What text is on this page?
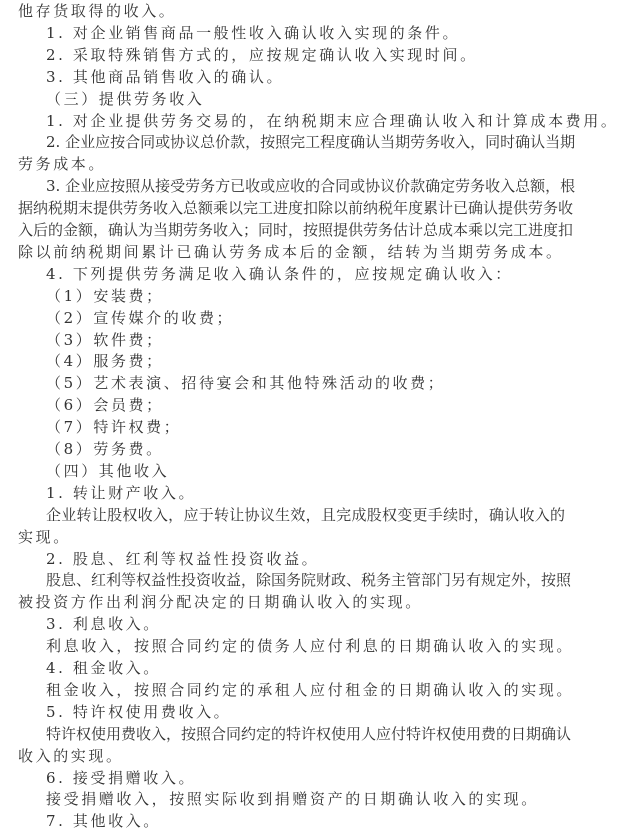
他存货取得的收入。
1. 对企业销售商品一般性收入确认收入实现的条件。
2. 采取特殊销售方式的，应按规定确认收入实现时间。
3. 其他商品销售收入的确认。
（三）提供劳务收入
1. 对企业提供劳务交易的，在纳税期末应合理确认收入和计算成本费用。
2. 企业应按合同或协议总价款，按照完工程度确认当期劳务收入，同时确认当期
劳务成本。
3. 企业应按照从接受劳务方已收或应收的合同或协议价款确定劳务收入总额，根
据纳税期末提供劳务收入总额乘以完工进度扣除以前纳税年度累计已确认提供劳务收
入后的金额，确认为当期劳务收入；同时，按照提供劳务估计总成本乘以完工进度扣
除以前纳税期间累计已确认劳务成本后的金额，结转为当期劳务成本。
4. 下列提供劳务满足收入确认条件的，应按规定确认收入：
（1）安装费；
（2）宣传媒介的收费；
（3）软件费；
（4）服务费；
（5）艺术表演、招待宴会和其他特殊活动的收费；
（6）会员费；
（7）特许权费；
（8）劳务费。
（四）其他收入
1. 转让财产收入。
企业转让股权收入，应于转让协议生效，且完成股权变更手续时，确认收入的
实现。
2. 股息、红利等权益性投资收益。
股息、红利等权益性投资收益，除国务院财政、税务主管部门另有规定外，按照
被投资方作出利润分配决定的日期确认收入的实现。
3. 利息收入。
利息收入，按照合同约定的债务人应付利息的日期确认收入的实现。
4. 租金收入。
租金收入，按照合同约定的承租人应付租金的日期确认收入的实现。
5. 特许权使用费收入。
特许权使用费收入，按照合同约定的特许权使用人应付特许权使用费的日期确认
收入的实现。
6. 接受捐赠收入。
接受捐赠收入，按照实际收到捐赠资产的日期确认收入的实现。
7. 其他收入。
